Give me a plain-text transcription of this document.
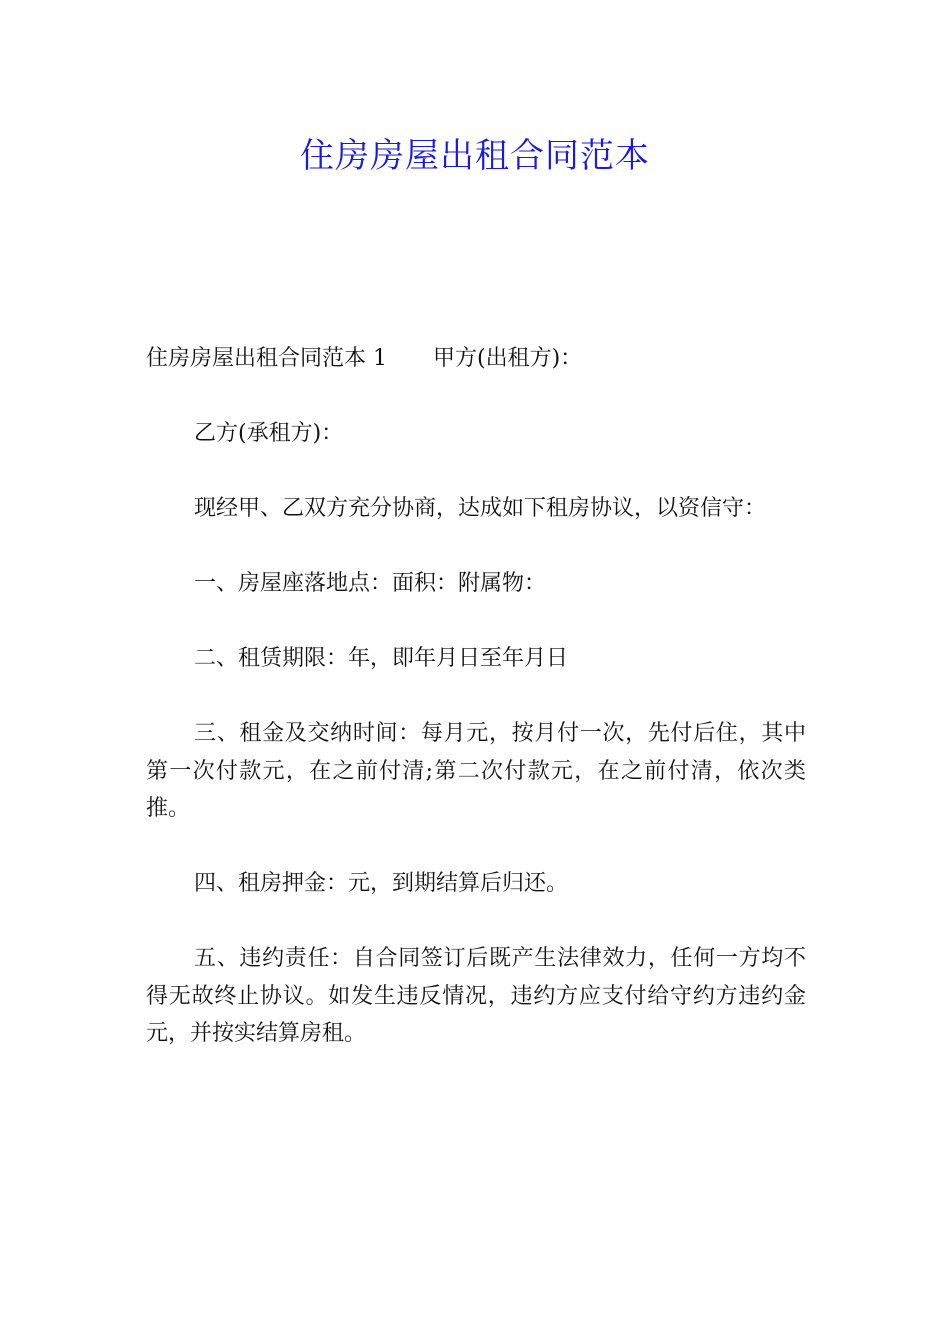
住房房屋出租合同范本

住房房屋出租合同范本 1 甲方(出租方)：

乙方(承租方)：

现经甲、乙双方充分协商，达成如下租房协议，以资信守：

一、房屋座落地点：面积：附属物：

二、租赁期限：年，即年月日至年月日

三、租金及交纳时间：每月元，按月付一次，先付后住，其中第一次付款元，在之前付清;第二次付款元，在之前付清，依次类推。

四、租房押金：元，到期结算后归还。

五、违约责任：自合同签订后既产生法律效力，任何一方均不得无故终止协议。如发生违反情况，违约方应支付给守约方违约金元，并按实结算房租。
